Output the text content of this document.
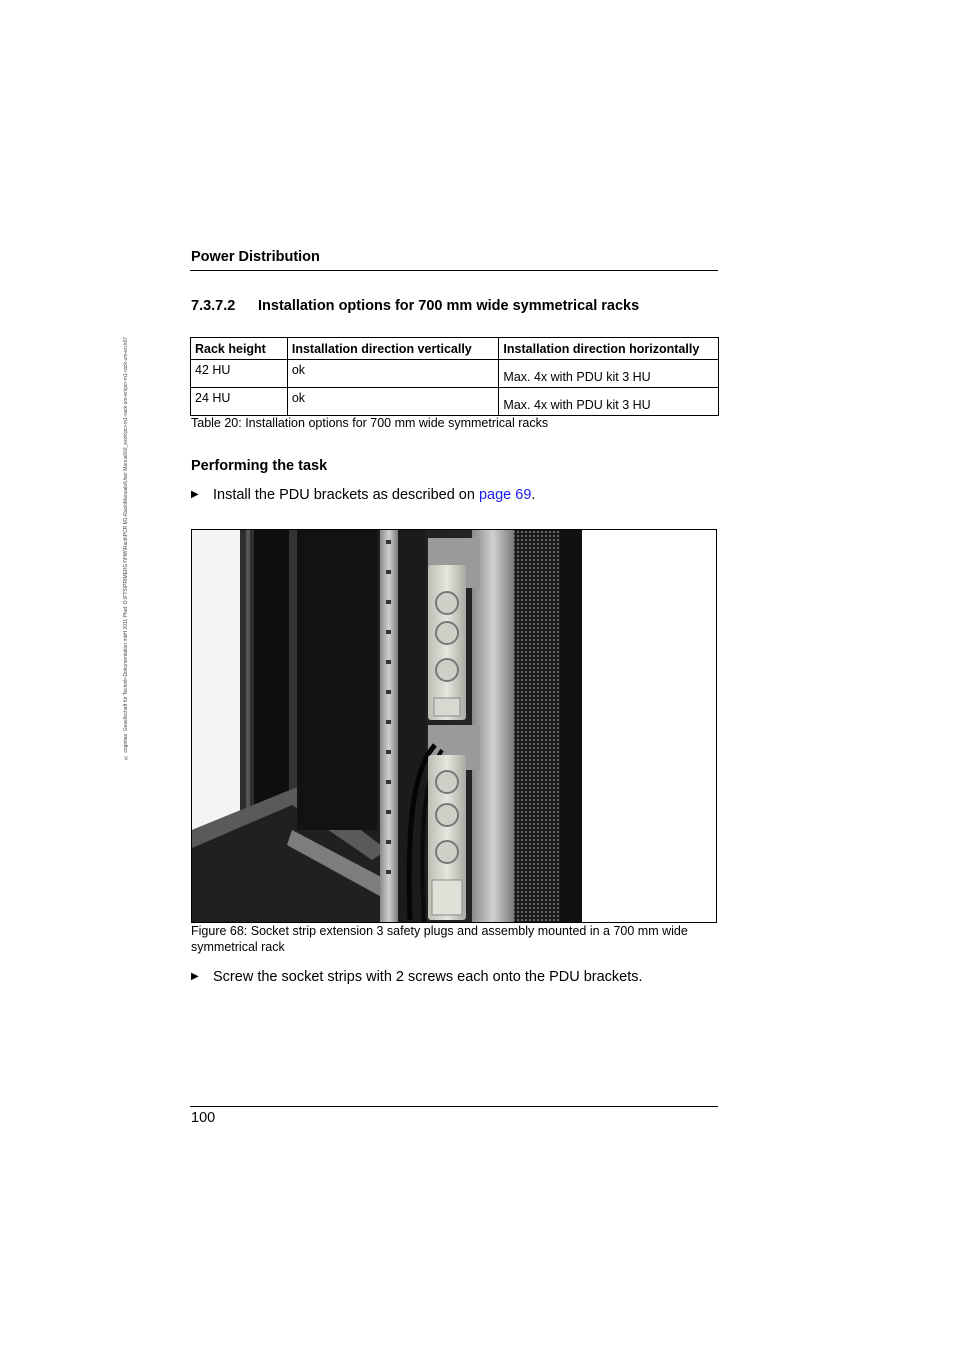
© cognitas. Gesellschaft für Technik-Dokumentation mbH 2011 Pfad: O:\FTS\PRIMERGY\HW\Rack\PCR M1-Rack\Manuals\User Manual\02_work\pcr-m1-rack-um-en\pcr-m1-rack-um-en.k07
Power Distribution
7.3.7.2 Installation options for 700 mm wide symmetrical racks
Rack height	Installation direction vertically	Installation direction horizontally
42 HU	ok	Max. 4x with PDU kit 3 HU
24 HU	ok	Max. 4x with PDU kit 3 HU
Table 20: Installation options for 700 mm wide symmetrical racks
Performing the task
▶ Install the PDU brackets as described on page 69.
Figure 68: Socket strip extension 3 safety plugs and assembly mounted in a 700 mm wide symmetrical rack
▶ Screw the socket strips with 2 screws each onto the PDU brackets.
100
